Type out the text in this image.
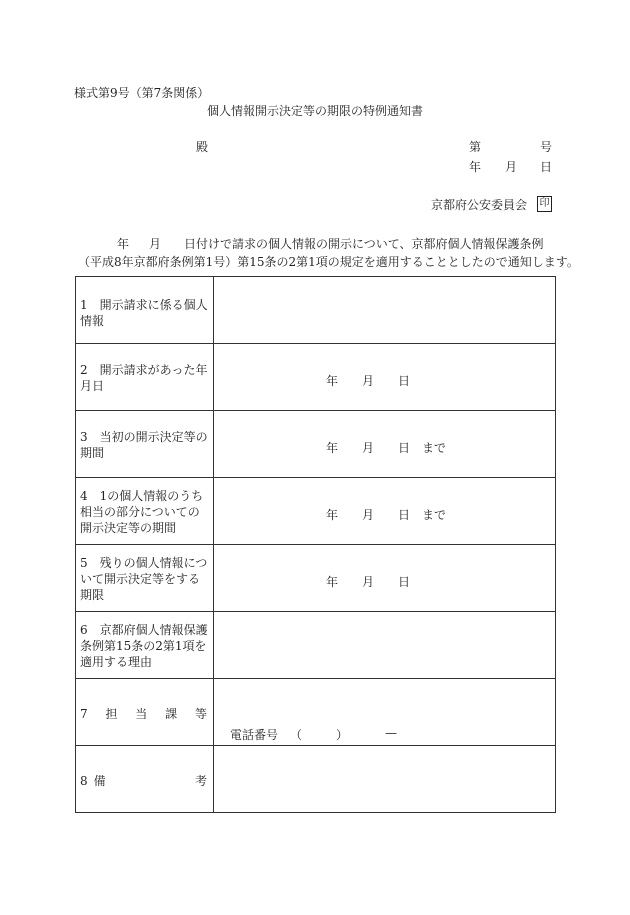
様式第9号（第7条関係）
個人情報開示決定等の期限の特例通知書
殿	第	号
年 月 日
京都府公安委員会 印
年 月 日付けで請求の個人情報の開示について、京都府個人情報保護条例
（平成8年京都府条例第1号）第15条の2第1項の規定を適用することとしたので通知します。
1　 開示請求に係る個人情報	

2　 開示請求があった年月日	年 月 日

3　 当初の開示決定等の期間	年 月 日 まで

4　 1の個人情報のうち相当の部分についての開示決定等の期間	年 月 日 まで

5　 残りの個人情報について開示決定等をする期限	年 月 日

6　 京都府個人情報保護条例第15条の2第1項を適用する理由	

7 担 当 課 等	電話番号 （ ） —

8 備 考	
